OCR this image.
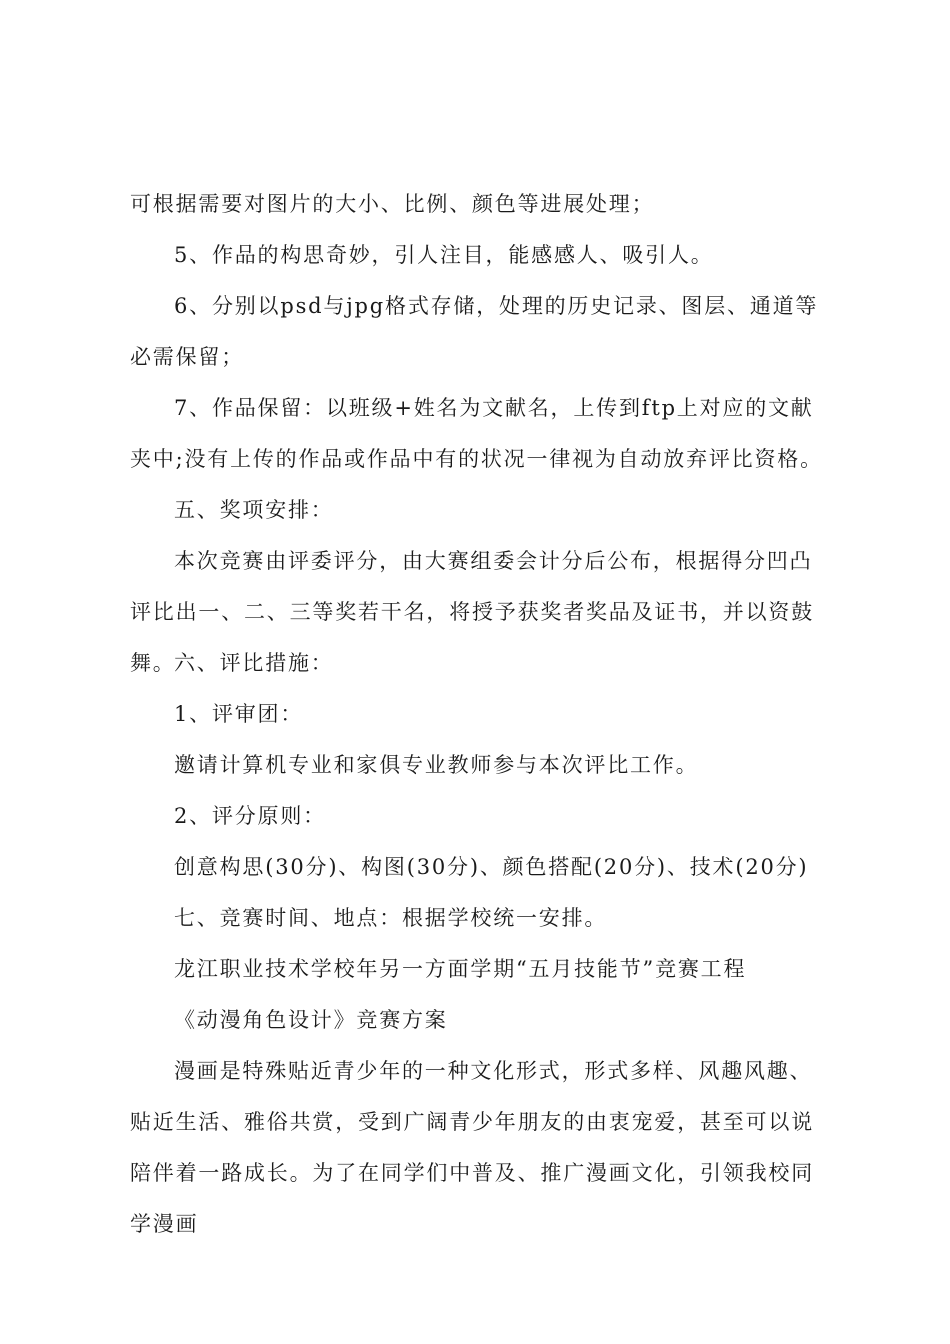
可根据需要对图片的大小、比例、颜色等进展处理；

5、作品的构思奇妙，引人注目，能感感人、吸引人。

6、分别以psd与jpg格式存储，处理的历史记录、图层、通道等必需保留；

7、作品保留：以班级+姓名为文献名，上传到ftp上对应的文献夹中;没有上传的作品或作品中有的状况一律视为自动放弃评比资格。

五、奖项安排：

本次竞赛由评委评分，由大赛组委会计分后公布，根据得分凹凸评比出一、二、三等奖若干名，将授予获奖者奖品及证书，并以资鼓舞。

六、评比措施：

1、评审团：

邀请计算机专业和家俱专业教师参与本次评比工作。

2、评分原则：

创意构思(30分)、构图(30分)、颜色搭配(20分)、技术(20分)

七、竞赛时间、地点：根据学校统一安排。

龙江职业技术学校年另一方面学期“五月技能节”竞赛工程

《动漫角色设计》竞赛方案

漫画是特殊贴近青少年的一种文化形式，形式多样、风趣风趣、贴近生活、雅俗共赏，受到广阔青少年朋友的由衷宠爱，甚至可以说陪伴着一路成长。为了在同学们中普及、推广漫画文化，引领我校同学漫画
